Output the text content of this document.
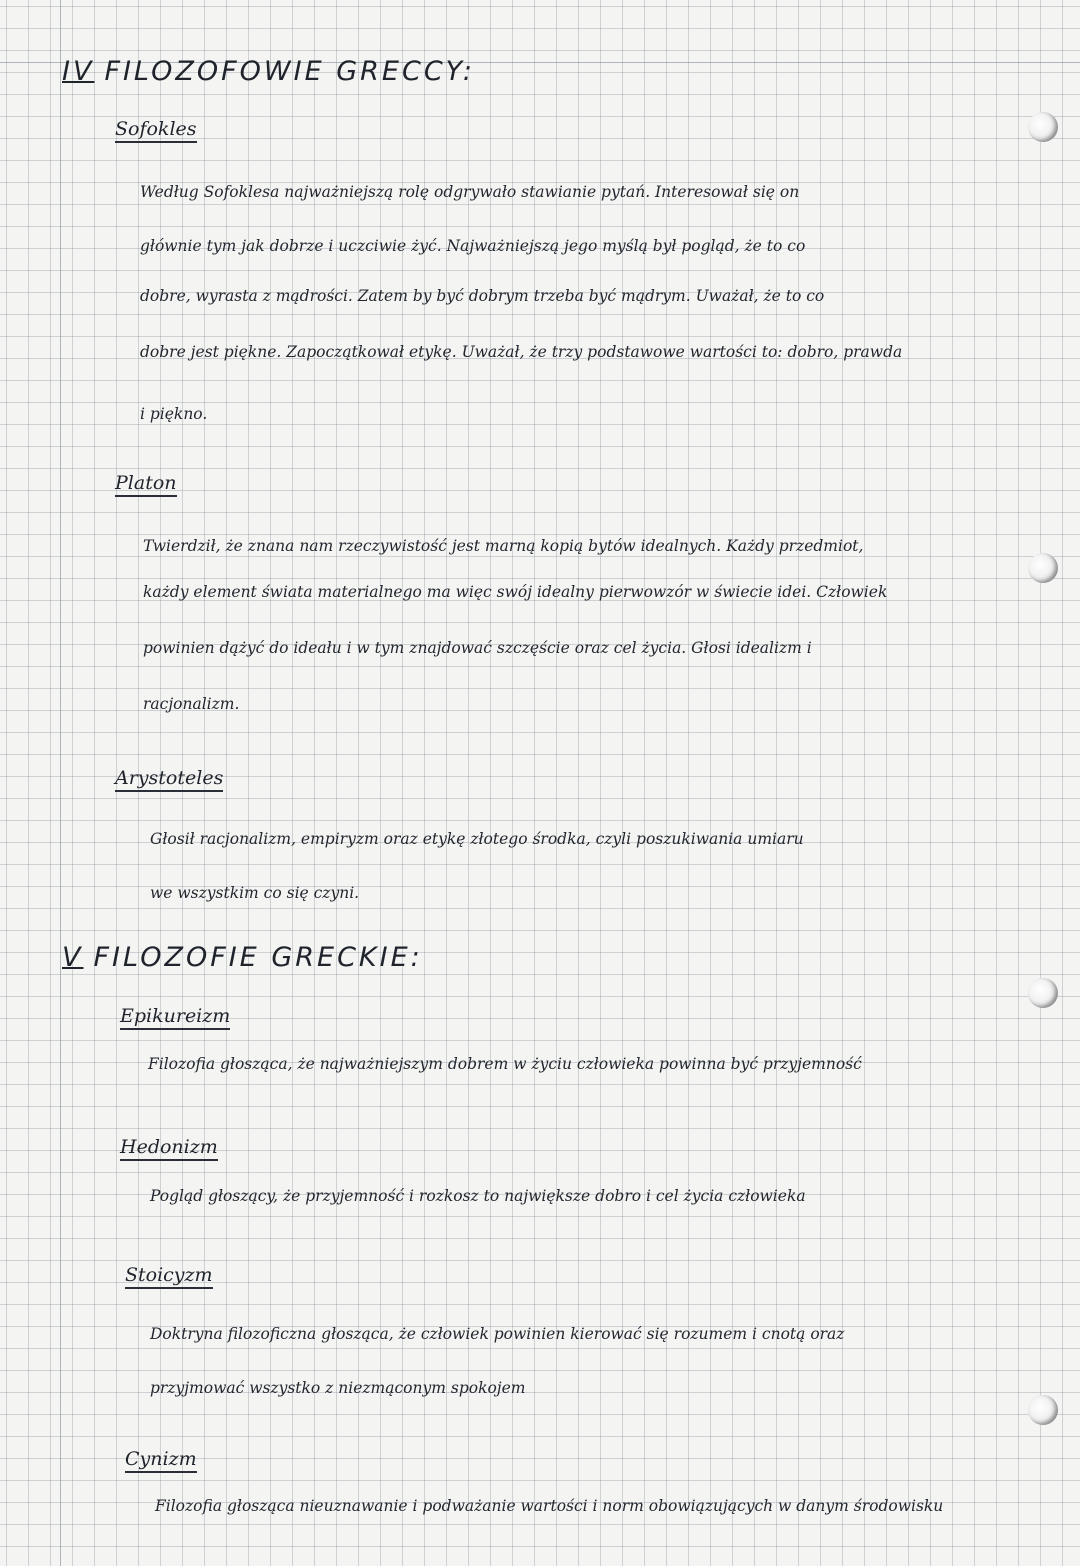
IV FILOZOFOWIE GRECCY:
Sofokles
Według Sofoklesa najważniejszą rolę odgrywało stawianie pytań. Interesował się on
głównie tym jak dobrze i uczciwie żyć. Najważniejszą jego myślą był pogląd, że to co
dobre, wyrasta z mądrości. Zatem by być dobrym trzeba być mądrym. Uważał, że to co
dobre jest piękne. Zapoczątkował etykę. Uważał, że trzy podstawowe wartości to: dobro, prawda
i piękno.
Platon
Twierdził, że znana nam rzeczywistość jest marną kopią bytów idealnych. Każdy przedmiot,
każdy element świata materialnego ma więc swój idealny pierwowzór w świecie idei. Człowiek
powinien dążyć do ideału i w tym znajdować szczęście oraz cel życia. Głosi idealizm i
racjonalizm.
Arystoteles
Głosił racjonalizm, empiryzm oraz etykę złotego środka, czyli poszukiwania umiaru
we wszystkim co się czyni.
V FILOZOFIE GRECKIE:
Epikureizm
Filozofia głosząca, że najważniejszym dobrem w życiu człowieka powinna być przyjemność
Hedonizm
Pogląd głoszący, że przyjemność i rozkosz to największe dobro i cel życia człowieka
Stoicyzm
Doktryna filozoficzna głosząca, że człowiek powinien kierować się rozumem i cnotą oraz
przyjmować wszystko z niezmąconym spokojem
Cynizm
Filozofia głosząca nieuznawanie i podważanie wartości i norm obowiązujących w danym środowisku
